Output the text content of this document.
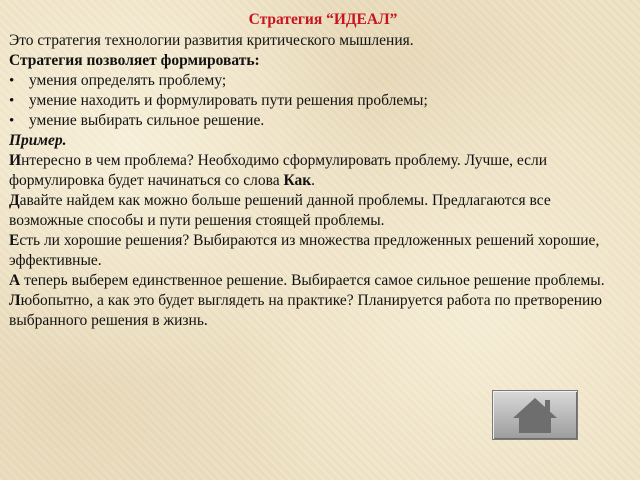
Стратегия “ИДЕАЛ”

Это стратегия технологии развития критического мышления.

Стратегия позволяет формировать:

• умения определять проблему;
• умение находить и формулировать пути решения проблемы;
• умение выбирать сильное решение.

Пример.

Интересно в чем проблема? Необходимо сформулировать проблему. Лучше, если формулировка будет начинаться со слова Как.

Давайте найдем как можно больше решений данной проблемы. Предлагаются все возможные способы и пути решения стоящей проблемы.

Есть ли хорошие решения? Выбираются из множества предложенных решений хорошие, эффективные.

А теперь выберем единственное решение. Выбирается самое сильное решение проблемы.

Любопытно, а как это будет выглядеть на практике? Планируется работа по претворению выбранного решения в жизнь.
